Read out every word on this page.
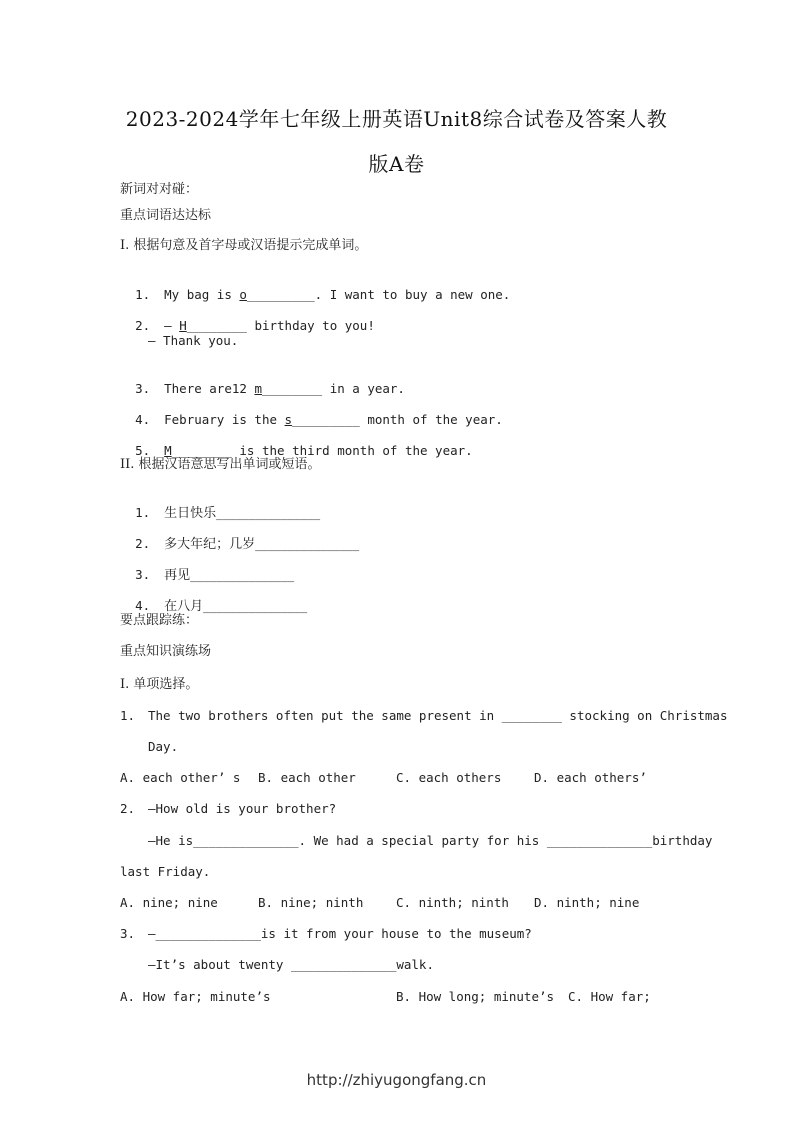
2023-2024学年七年级上册英语Unit8综合试卷及答案人教
版A卷
新词对对碰：
重点词语达达标
I. 根据句意及首字母或汉语提示完成单词。

1. My bag is o_________. I want to buy a new one.

2. — H________ birthday to you!

— Thank you.

3. There are12 m________ in a year.

4. February is the s_________ month of the year.

5. M________ is the third month of the year.

II. 根据汉语意思写出单词或短语。

1. 生日快乐________________

2. 多大年纪；几岁________________

3. 再见________________

4. 在八月________________

要点跟踪练：
重点知识演练场
I. 单项选择。
1. The two brothers often put the same present in ________ stocking on Christmas
Day.
A. each other’ s B. each other	C. each others	D. each others’
2. —How old is your brother?
—He is______________. We had a special party for his ______________birthday
last Friday.
A. nine; nine	B. nine; ninth	C. ninth; ninth D. ninth; nine
3. —______________is it from your house to the museum?
—It’s about twenty ______________walk.
A. How far; minute’s	B. How long; minute’s C. How far;
http://zhiyugongfang.cn
